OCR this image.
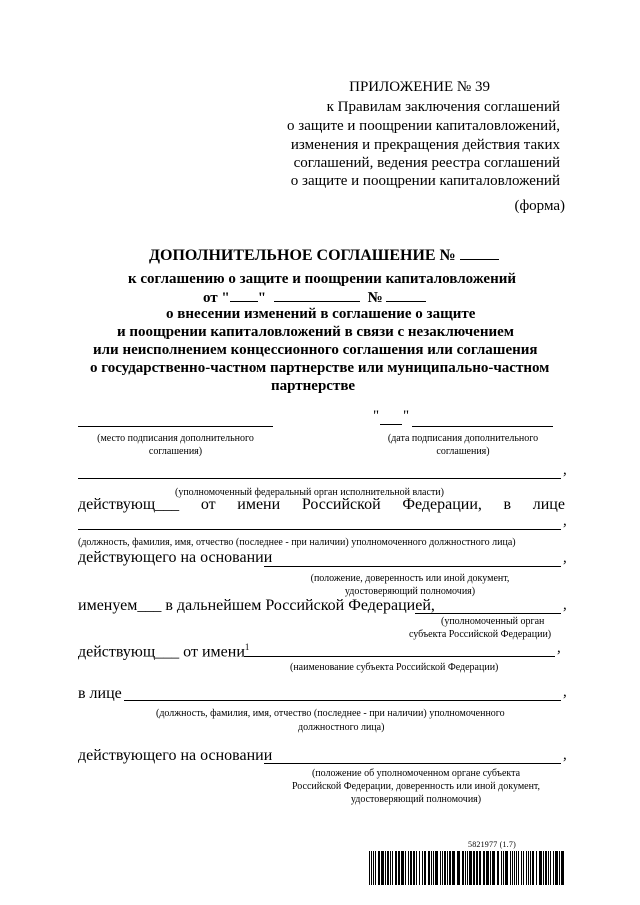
ПРИЛОЖЕНИЕ № 39
к Правилам заключения соглашений
о защите и поощрении капиталовложений,
изменения и прекращения действия таких
соглашений, ведения реестра соглашений
о защите и поощрении капиталовложений
(форма)
ДОПОЛНИТЕЛЬНОЕ СОГЛАШЕНИЕ №
к соглашению о защите и поощрении капиталовложений
от " "	№
о внесении изменений в соглашение о защите
и поощрении капиталовложений в связи с незаключением
или неисполнением концессионного соглашения или соглашения
о государственно-частном партнерстве или муниципально-частном
партнерстве
(место подписания дополнительного соглашения)
" "
(дата подписания дополнительного соглашения)
,
(уполномоченный федеральный орган исполнительной власти)
действующ___ от имени Российской Федерации, в лице
,
(должность, фамилия, имя, отчество (последнее - при наличии) уполномоченного должностного лица)
действующего на основании	,
(положение, доверенность или иной документ,
удостоверяющий полномочия)
именуем___ в дальнейшем Российской Федерацией,	,
(уполномоченный орган
субъекта Российской Федерации)
действующ___ от имени$^1$	,
(наименование субъекта Российской Федерации)
в лице	,
(должность, фамилия, имя, отчество (последнее - при наличии) уполномоченного
должностного лица)
действующего на основании	,
(положение об уполномоченном органе субъекта
Российской Федерации, доверенность или иной документ,
удостоверяющий полномочия)
5821977 (1.7)
